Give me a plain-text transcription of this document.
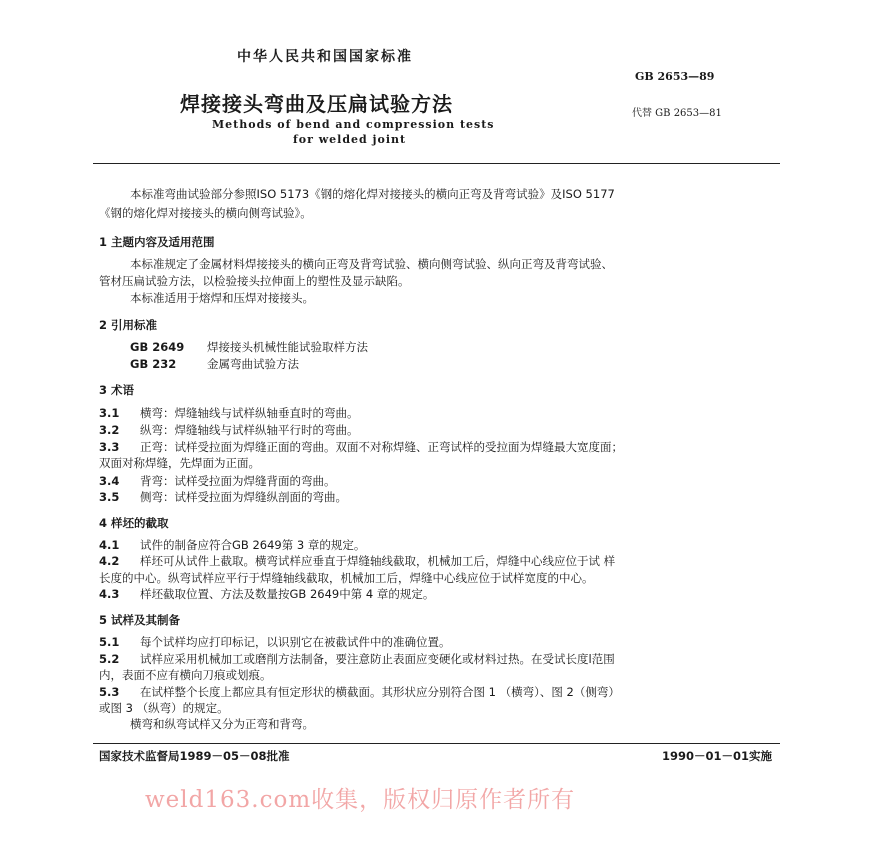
中华人民共和国国家标准
GB 2653—89
焊接接头弯曲及压扁试验方法	代替 GB 2653—81
Methods of bend and compression tests
for welded joint
本标准弯曲试验部分参照ISO 5173《钢的熔化焊对接接头的横向正弯及背弯试验》及ISO 5177
《钢的熔化焊对接接头的横向侧弯试验》。
1 主题内容及适用范围
本标准规定了金属材料焊接接头的横向正弯及背弯试验、横向侧弯试验、纵向正弯及背弯试验、
管材压扁试验方法，以检验接头拉伸面上的塑性及显示缺陷。
本标准适用于熔焊和压焊对接接头。
2 引用标准
GB 2649 焊接接头机械性能试验取样方法
GB 232	金属弯曲试验方法
3 术语
3.1 横弯：焊缝轴线与试样纵轴垂直时的弯曲。
3.2 纵弯：焊缝轴线与试样纵轴平行时的弯曲。
3.3 正弯：试样受拉面为焊缝正面的弯曲。双面不对称焊缝、正弯试样的受拉面为焊缝最大宽度面；
双面对称焊缝，先焊面为正面。
3.4 背弯：试样受拉面为焊缝背面的弯曲。
3.5 侧弯：试样受拉面为焊缝纵剖面的弯曲。
4 样坯的截取
4.1 试件的制备应符合GB 2649第 3 章的规定。
4.2 样坯可从试件上截取。横弯试样应垂直于焊缝轴线截取，机械加工后，焊缝中心线应位于试 样
长度的中心。纵弯试样应平行于焊缝轴线截取，机械加工后，焊缝中心线应位于试样宽度的中心。
4.3 样坯截取位置、方法及数量按GB 2649中第 4 章的规定。
5 试样及其制备
5.1 每个试样均应打印标记，以识别它在被截试件中的准确位置。
5.2 试样应采用机械加工或磨削方法制备，要注意防止表面应变硬化或材料过热。在受试长度l范围
内，表面不应有横向刀痕或划痕。
5.3 在试样整个长度上都应具有恒定形状的横截面。其形状应分别符合图 1 （横弯）、图 2（侧弯）
或图 3 （纵弯）的规定。
横弯和纵弯试样又分为正弯和背弯。
国家技术监督局1989－05－08批准	1990－01－01实施
weld163.com收集，版权归原作者所有
